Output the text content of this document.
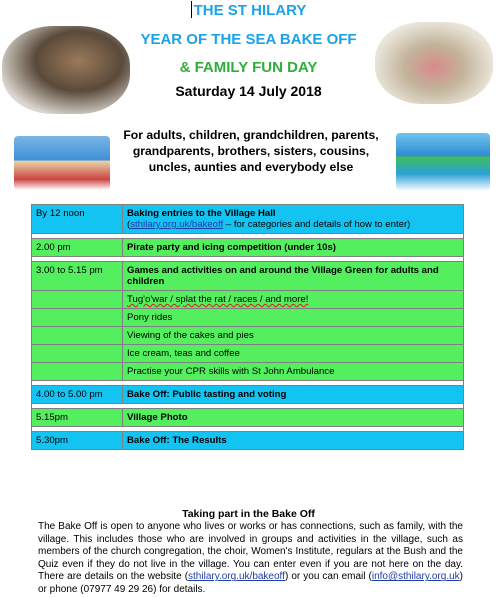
THE ST HILARY
YEAR OF THE SEA BAKE OFF
& FAMILY FUN DAY
Saturday 14 July 2018
For adults, children, grandchildren, parents, grandparents, brothers, sisters, cousins, uncles, aunties and everybody else
By 12 noon	Baking entries to the Village Hall
(sthilary.org.uk/bakeoff – for categories and details of how to enter)

2.00 pm	Pirate party and icing competition (under 10s)

3.00 to 5.15 pm	Games and activities on and around the Village Green for adults and children
	Tug'o'war / splat the rat / races / and more!
	Pony rides
	Viewing of the cakes and pies
	Ice cream, teas and coffee
	Practise your CPR skills with St John Ambulance

4.00 to 5.00 pm	Bake Off: Public tasting and voting

5.15pm	Village Photo

5.30pm	Bake Off: The Results
Taking part in the Bake Off
The Bake Off is open to anyone who lives or works or has connections, such as family, with the village. This includes those who are involved in groups and activities in the village, such as members of the church congregation, the choir, Women's Institute, regulars at the Bush and the Quiz even if they do not live in the village. You can enter even if you are not here on the day. There are details on the website (sthilary.org.uk/bakeoff) or you can email (info@sthilary.org.uk) or phone (07977 49 29 26) for details.
